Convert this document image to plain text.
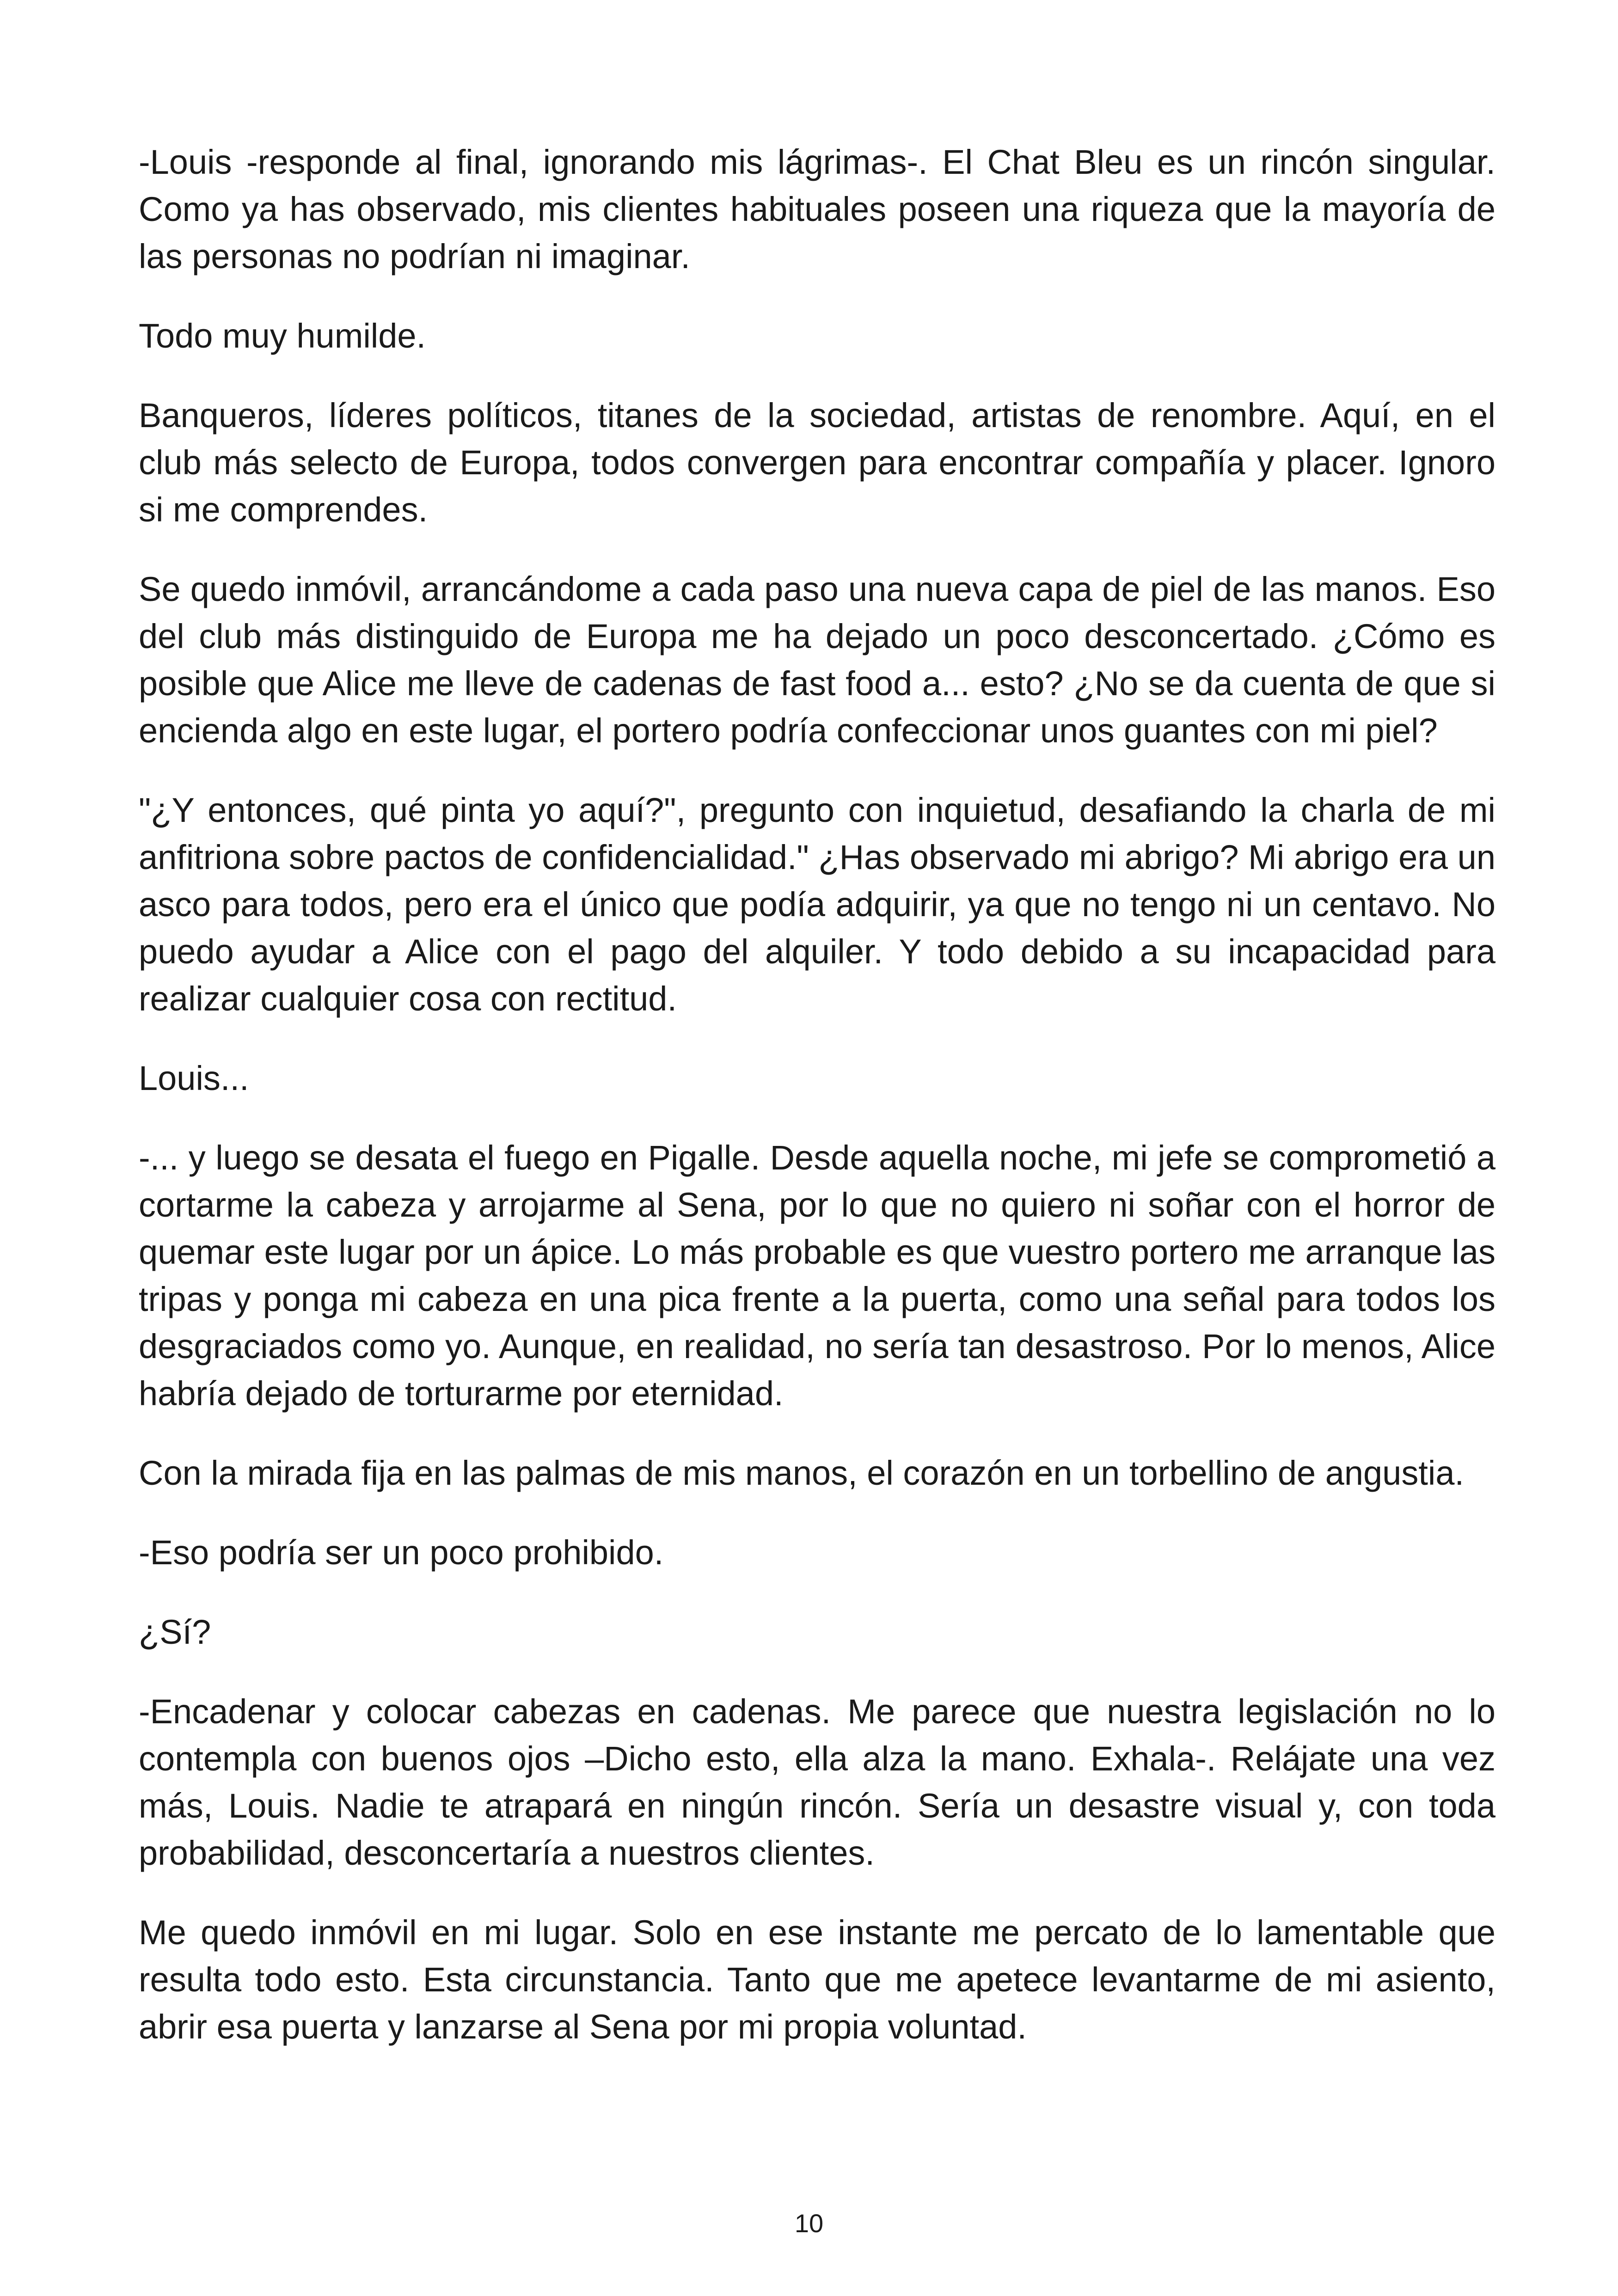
-Louis -responde al final, ignorando mis lágrimas-. El Chat Bleu es un rincón singular. Como ya has observado, mis clientes habituales poseen una riqueza que la mayoría de las personas no podrían ni imaginar.

Todo muy humilde.

Banqueros, líderes políticos, titanes de la sociedad, artistas de renombre. Aquí, en el club más selecto de Europa, todos convergen para encontrar compañía y placer. Ignoro si me comprendes.

Se quedo inmóvil, arrancándome a cada paso una nueva capa de piel de las manos. Eso del club más distinguido de Europa me ha dejado un poco desconcertado. ¿Cómo es posible que Alice me lleve de cadenas de fast food a... esto? ¿No se da cuenta de que si encienda algo en este lugar, el portero podría confeccionar unos guantes con mi piel?

"¿Y entonces, qué pinta yo aquí?", pregunto con inquietud, desafiando la charla de mi anfitriona sobre pactos de confidencialidad." ¿Has observado mi abrigo? Mi abrigo era un asco para todos, pero era el único que podía adquirir, ya que no tengo ni un centavo. No puedo ayudar a Alice con el pago del alquiler. Y todo debido a su incapacidad para realizar cualquier cosa con rectitud.

Louis...

-... y luego se desata el fuego en Pigalle. Desde aquella noche, mi jefe se comprometió a cortarme la cabeza y arrojarme al Sena, por lo que no quiero ni soñar con el horror de quemar este lugar por un ápice. Lo más probable es que vuestro portero me arranque las tripas y ponga mi cabeza en una pica frente a la puerta, como una señal para todos los desgraciados como yo. Aunque, en realidad, no sería tan desastroso. Por lo menos, Alice habría dejado de torturarme por eternidad.

Con la mirada fija en las palmas de mis manos, el corazón en un torbellino de angustia.

-Eso podría ser un poco prohibido.

¿Sí?

-Encadenar y colocar cabezas en cadenas. Me parece que nuestra legislación no lo contempla con buenos ojos –Dicho esto, ella alza la mano. Exhala-. Relájate una vez más, Louis. Nadie te atrapará en ningún rincón. Sería un desastre visual y, con toda probabilidad, desconcertaría a nuestros clientes.

Me quedo inmóvil en mi lugar. Solo en ese instante me percato de lo lamentable que resulta todo esto. Esta circunstancia. Tanto que me apetece levantarme de mi asiento, abrir esa puerta y lanzarse al Sena por mi propia voluntad.

10
